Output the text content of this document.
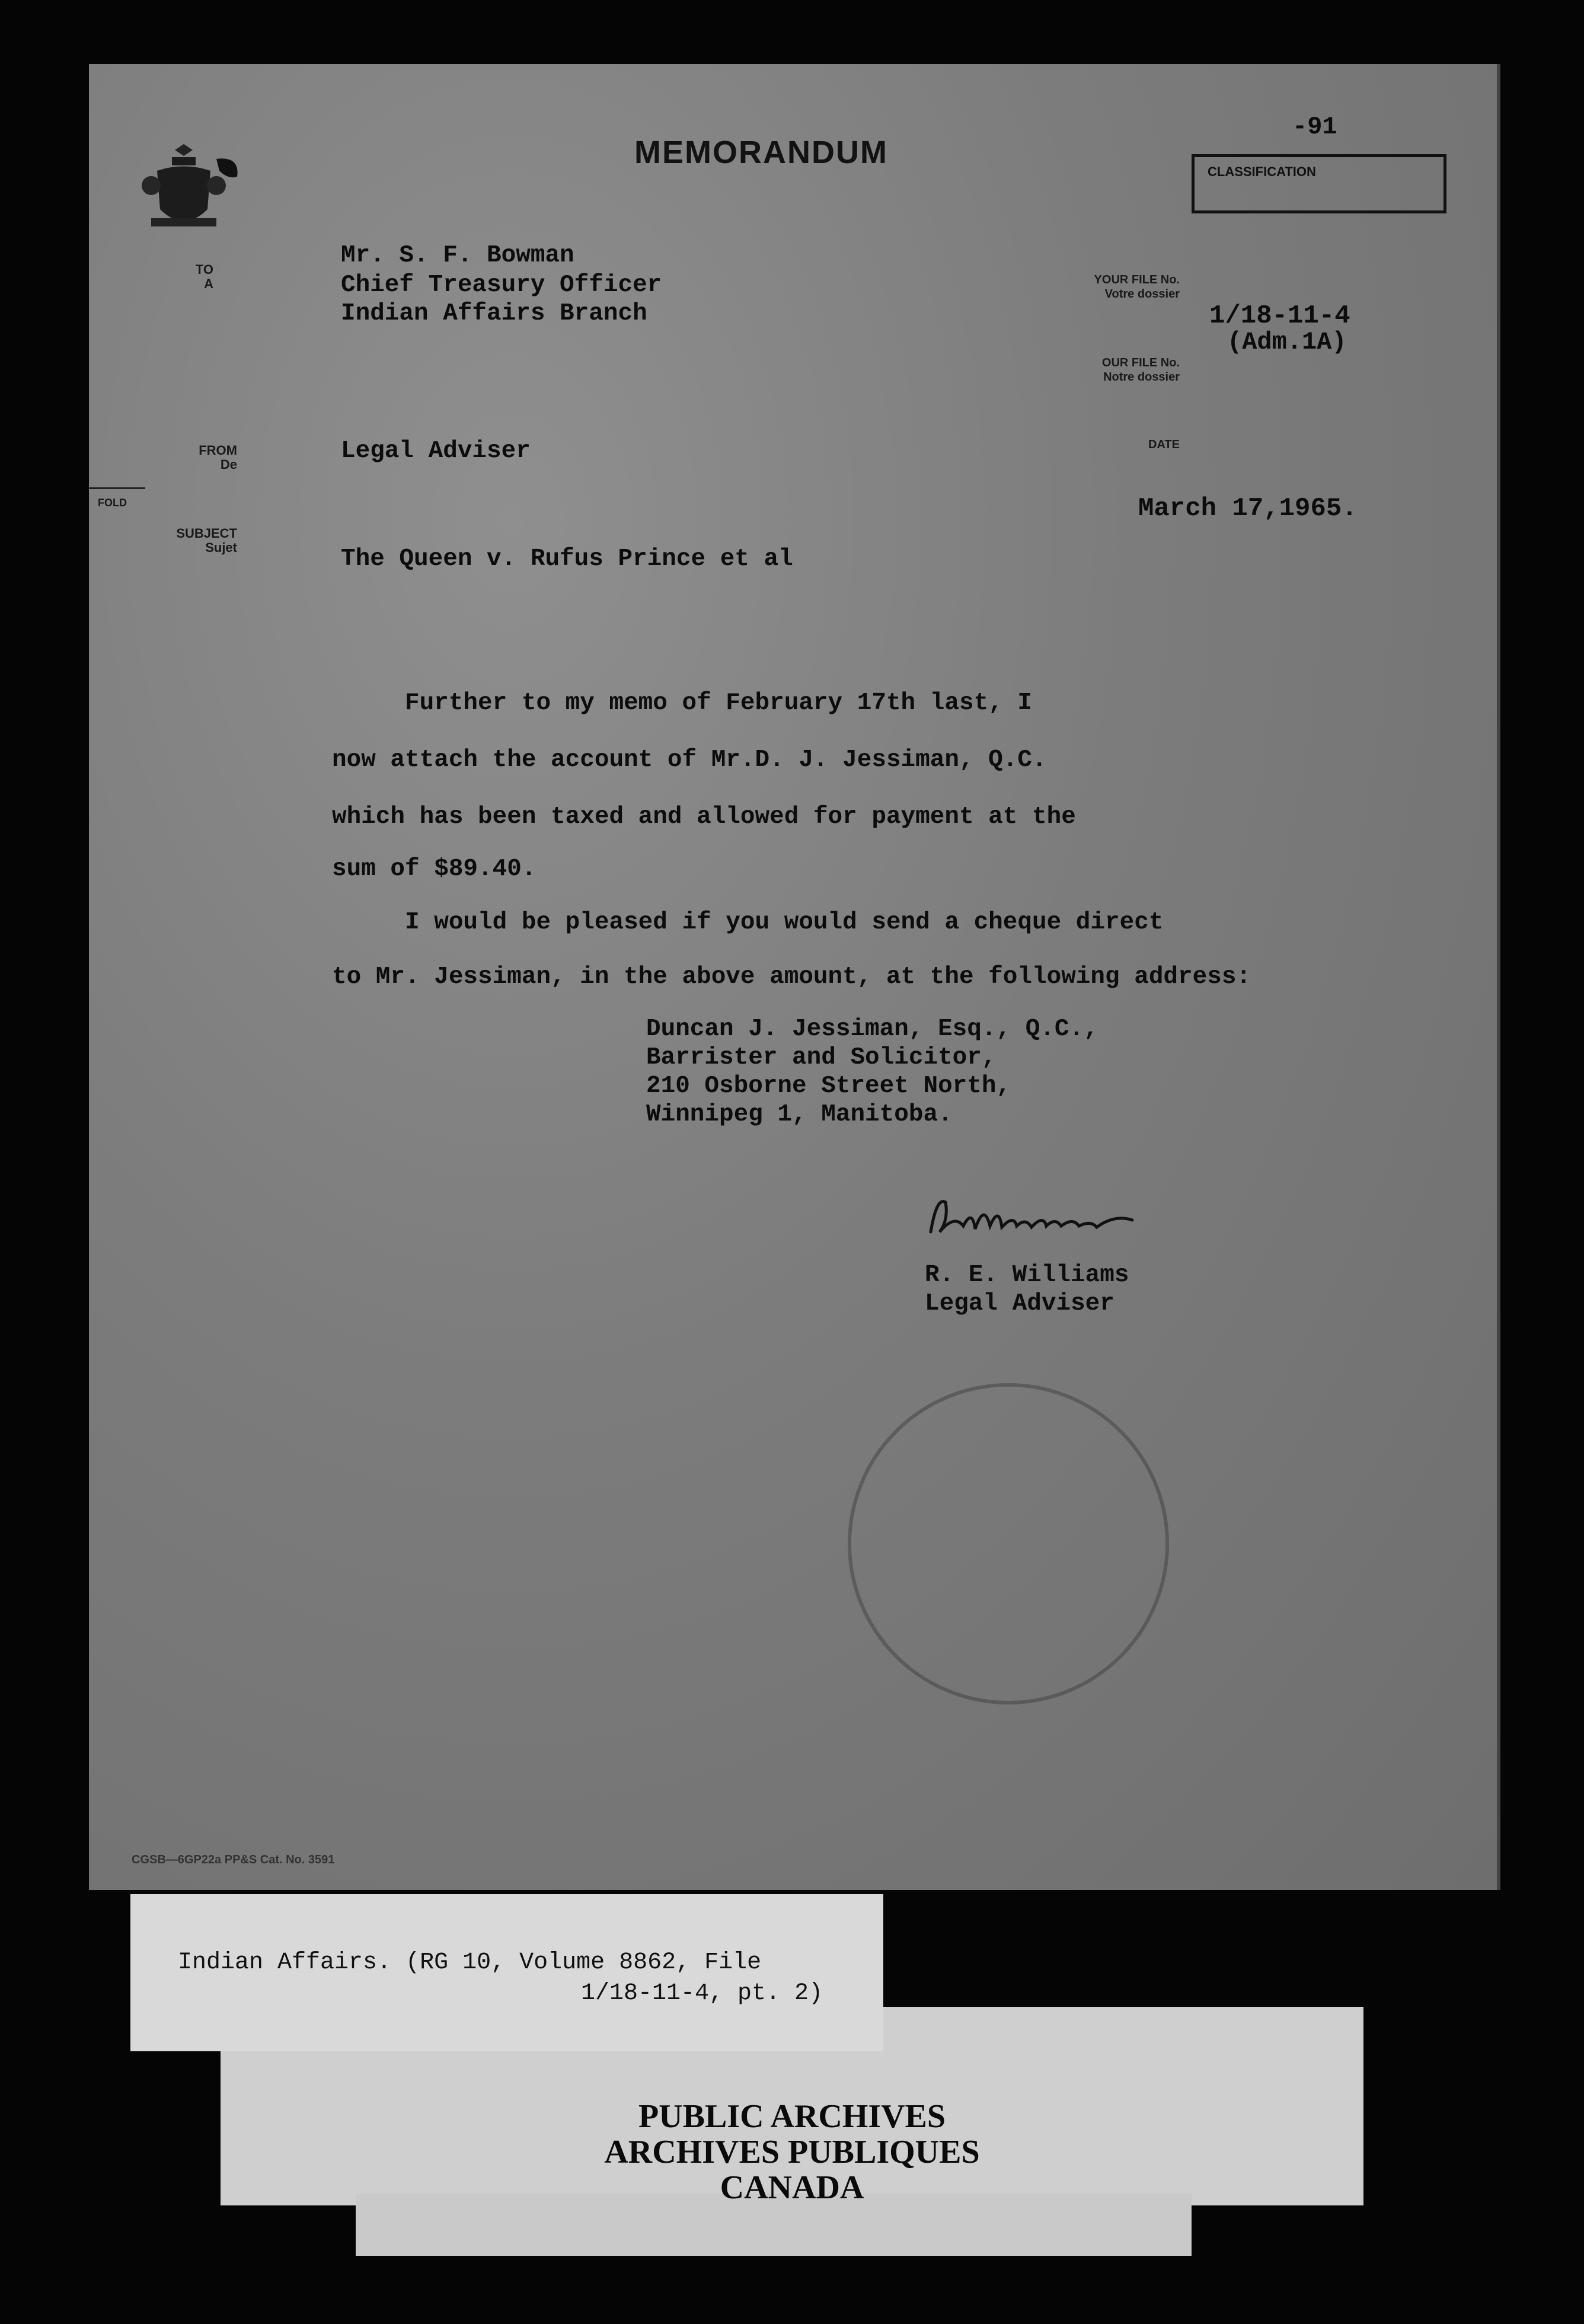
MEMORANDUM
-91
CLASSIFICATION
TO
A
FROM
De
FOLD
SUBJECT
Sujet
YOUR FILE No.
Votre dossier
OUR FILE No.
Notre dossier
DATE
Mr. S. F. Bowman
Chief Treasury Officer
Indian Affairs Branch	1/18-11-4
(Adm.1A)
Legal Adviser
March 17,1965.
The Queen v. Rufus Prince et al
Further to my memo of February 17th last, I
now attach the account of Mr.D. J. Jessiman, Q.C.
which has been taxed and allowed for payment at the
sum of $89.40.
I would be pleased if you would send a cheque direct
to Mr. Jessiman, in the above amount, at the following address:
Duncan J. Jessiman, Esq., Q.C.,
Barrister and Solicitor,
210 Osborne Street North,
Winnipeg 1, Manitoba.
R. E. Williams
Legal Adviser
CGSB—6GP22a PP&S Cat. No. 3591
Indian Affairs. (RG 10, Volume 8862, File
1/18-11-4, pt. 2)
PUBLIC ARCHIVES
ARCHIVES PUBLIQUES
CANADA
